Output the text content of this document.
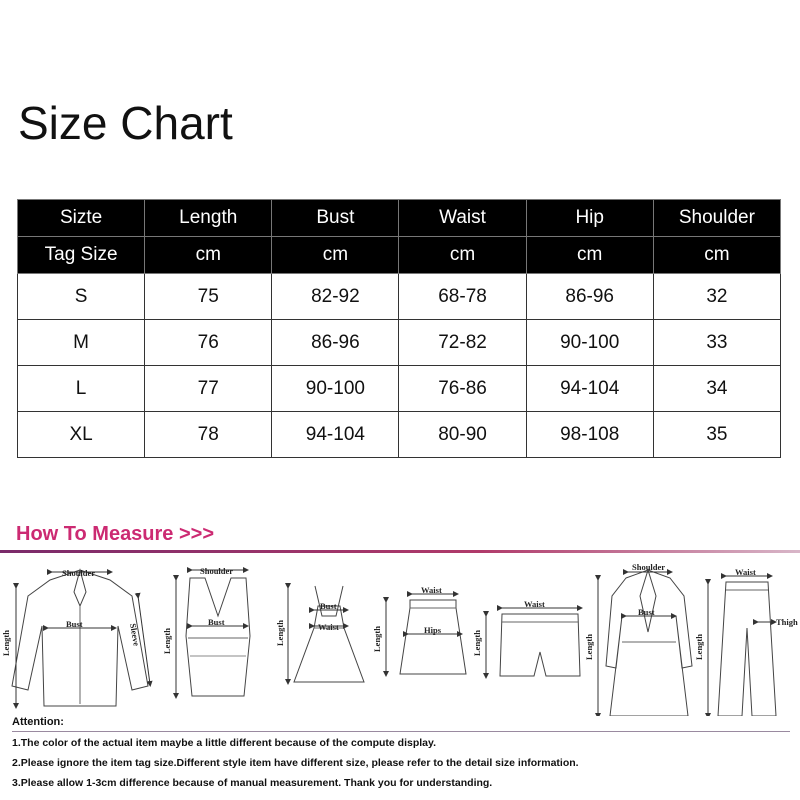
Size Chart
Sizte	Length	Bust	Waist	Hip	Shoulder
Tag Size	cm	cm	cm	cm	cm
S	75	82-92	68-78	86-96	32
M	76	86-96	72-82	90-100	33
L	77	90-100	76-86	94-104	34
XL	78	94-104	80-90	98-108	35
How To Measure >>>
Shoulder
Bust
Length	Sleeve
Shoulder
Bust
Length
Bust
Waist
Length
Waist
Hips
Length
Waist
Length
Shoulder
Bust
Length
Waist
Thigh
Length
Attention:
1.The color of the actual item maybe a little different because of the compute display.
2.Please ignore the item tag size.Different style item have different size, please refer to the detail size information.
3.Please allow 1-3cm difference because of manual measurement. Thank you for understanding.
